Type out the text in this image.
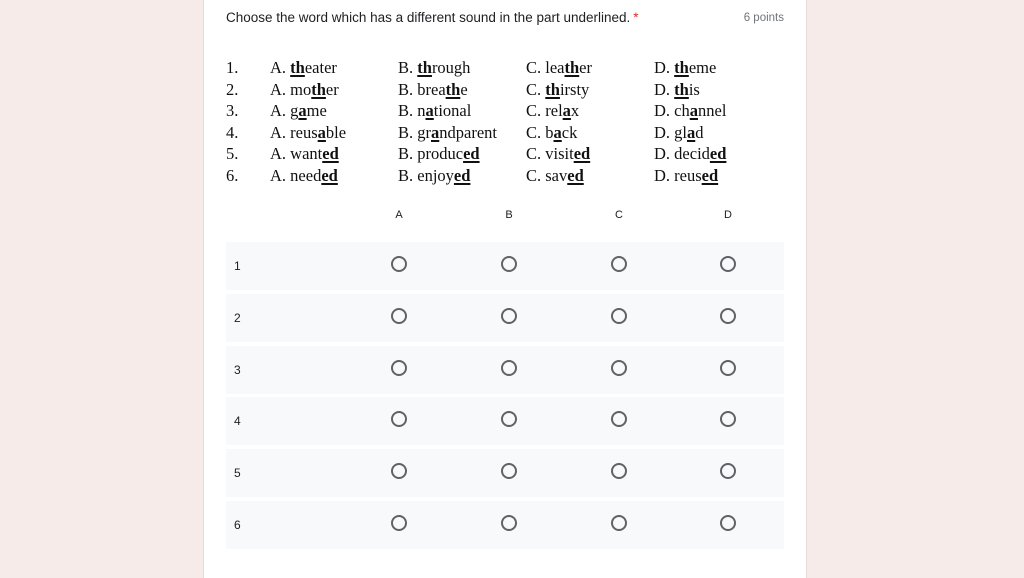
Choose the word which has a different sound in the part underlined. *	6 points
1.	A. theater	B. through	C. leather	D. theme
2.	A. mother	B. breathe	C. thirsty	D. this
3.	A. game	B. national	C. relax	D. channel
4.	A. reusable	B. grandparent	C. back	D. glad
5.	A. wanted	B. produced	C. visited	D. decided
6.	A. needed	B. enjoyed	C. saved	D. reused
A	B	C	D
1
2
3
4
5
6
